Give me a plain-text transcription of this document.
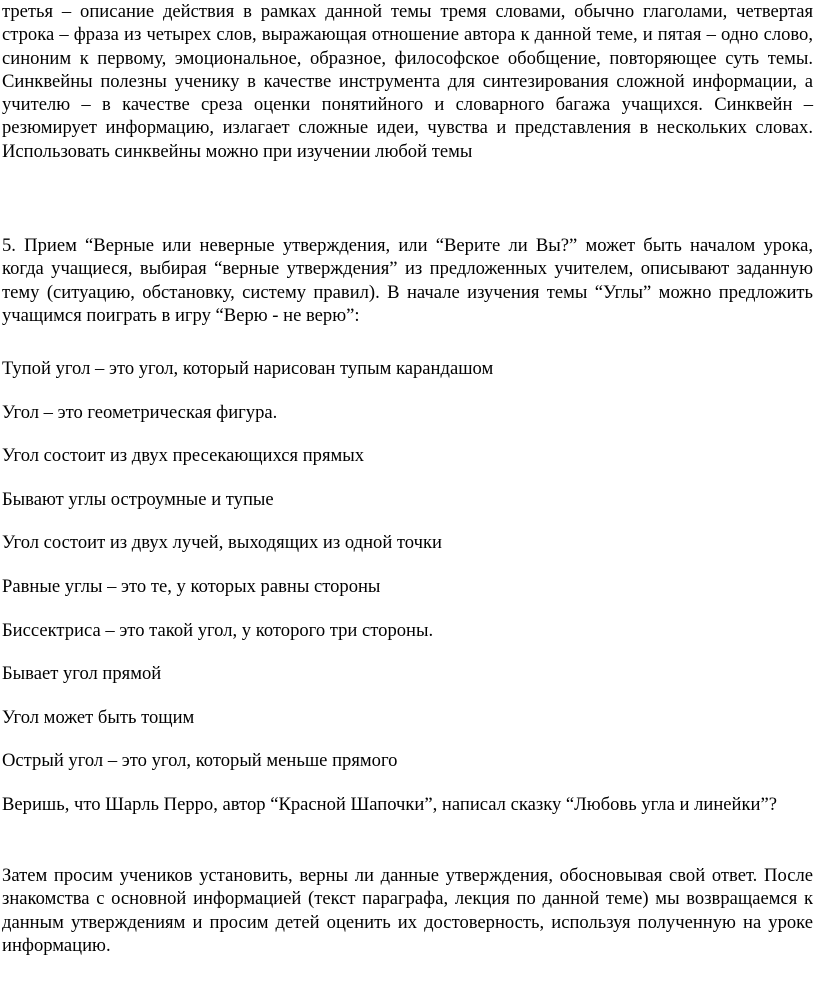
третья – описание действия в рамках данной темы тремя словами, обычно глаголами, четвертая строка – фраза из четырех слов, выражающая отношение автора к данной теме, и пятая – одно слово, синоним к первому, эмоциональное, образное, философское обобщение, повторяющее суть темы. Синквейны полезны ученику в качестве инструмента для синтезирования сложной информации, а учителю – в качестве среза оценки понятийного и словарного багажа учащихся. Синквейн – резюмирует информацию, излагает сложные идеи, чувства и представления в нескольких словах. Использовать синквейны можно при изучении любой темы

5. Прием “Верные или неверные утверждения, или “Верите ли Вы?” может быть началом урока, когда учащиеся, выбирая “верные утверждения” из предложенных учителем, описывают заданную тему (ситуацию, обстановку, систему правил). В начале изучения темы “Углы” можно предложить учащимся поиграть в игру “Верю - не верю”:

Тупой угол – это угол, который нарисован тупым карандашом

Угол – это геометрическая фигура.

Угол состоит из двух пресекающихся прямых

Бывают углы остроумные и тупые

Угол состоит из двух лучей, выходящих из одной точки

Равные углы – это те, у которых равны стороны

Биссектриса – это такой угол, у которого три стороны.

Бывает угол прямой

Угол может быть тощим

Острый угол – это угол, который меньше прямого

Веришь, что Шарль Перро, автор “Красной Шапочки”, написал сказку “Любовь угла и линейки”?

Затем просим учеников установить, верны ли данные утверждения, обосновывая свой ответ. После знакомства с основной информацией (текст параграфа, лекция по данной теме) мы возвращаемся к данным утверждениям и просим детей оценить их достоверность, используя полученную на уроке информацию.
